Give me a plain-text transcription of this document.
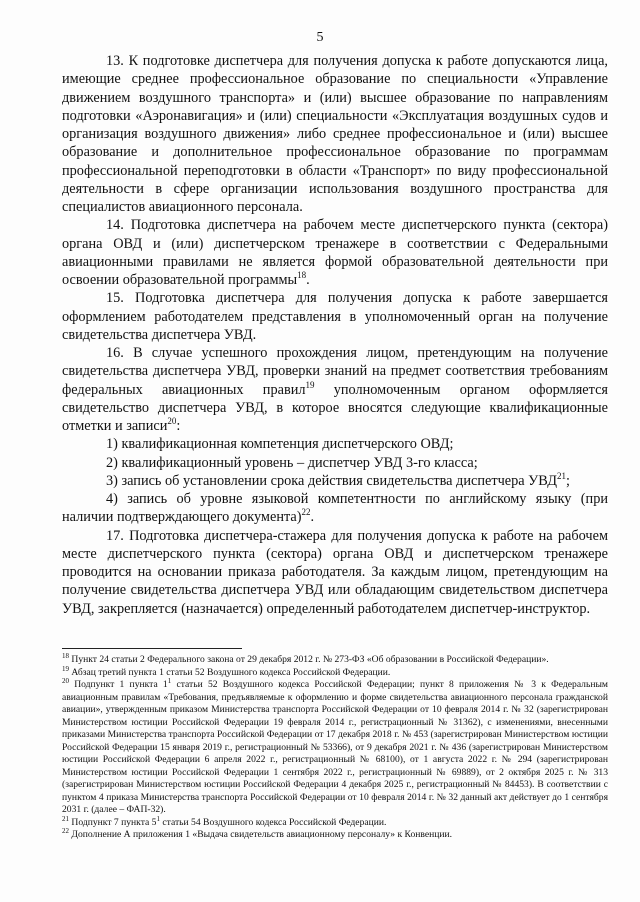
5

13. К подготовке диспетчера для получения допуска к работе допускаются лица, имеющие среднее профессиональное образование по специальности «Управление движением воздушного транспорта» и (или) высшее образование по направлениям подготовки «Аэронавигация» и (или) специальности «Эксплуатация воздушных судов и организация воздушного движения» либо среднее профессиональное и (или) высшее образование и дополнительное профессиональное образование по программам профессиональной переподготовки в области «Транспорт» по виду профессиональной деятельности в сфере организации использования воздушного пространства для специалистов авиационного персонала.

14. Подготовка диспетчера на рабочем месте диспетчерского пункта (сектора) органа ОВД и (или) диспетчерском тренажере в соответствии с Федеральными авиационными правилами не является формой образовательной деятельности при освоении образовательной программы$^{18}$.

15. Подготовка диспетчера для получения допуска к работе завершается оформлением работодателем представления в уполномоченный орган на получение свидетельства диспетчера УВД.

16. В случае успешного прохождения лицом, претендующим на получение свидетельства диспетчера УВД, проверки знаний на предмет соответствия требованиям федеральных авиационных правил$^{19}$ уполномоченным органом оформляется свидетельство диспетчера УВД, в которое вносятся следующие квалификационные отметки и записи$^{20}$:

1) квалификационная компетенция диспетчерского ОВД;

2) квалификационный уровень – диспетчер УВД 3-го класса;

3) запись об установлении срока действия свидетельства диспетчера УВД$^{21}$;

4) запись об уровне языковой компетентности по английскому языку (при наличии подтверждающего документа)$^{22}$.

17. Подготовка диспетчера-стажера для получения допуска к работе на рабочем месте диспетчерского пункта (сектора) органа ОВД и диспетчерском тренажере проводится на основании приказа работодателя. За каждым лицом, претендующим на получение свидетельства диспетчера УВД или обладающим свидетельством диспетчера УВД, закрепляется (назначается) определенный работодателем диспетчер-инструктор.

$^{18}$ Пункт 24 статьи 2 Федерального закона от 29 декабря 2012 г. № 273-ФЗ «Об образовании в Российской Федерации».

$^{19}$ Абзац третий пункта 1 статьи 52 Воздушного кодекса Российской Федерации.

$^{20}$ Подпункт 1 пункта $1^1$ статьи 52 Воздушного кодекса Российской Федерации; пункт 8 приложения № 3 к Федеральным авиационным правилам «Требования, предъявляемые к оформлению и форме свидетельства авиационного персонала гражданской авиации», утвержденным приказом Министерства транспорта Российской Федерации от 10 февраля 2014 г. № 32 (зарегистрирован Министерством юстиции Российской Федерации 19 февраля 2014 г., регистрационный № 31362), с изменениями, внесенными приказами Министерства транспорта Российской Федерации от 17 декабря 2018 г. № 453 (зарегистрирован Министерством юстиции Российской Федерации 15 января 2019 г., регистрационный № 53366), от 9 декабря 2021 г. № 436 (зарегистрирован Министерством юстиции Российской Федерации 6 апреля 2022 г., регистрационный № 68100), от 1 августа 2022 г. № 294 (зарегистрирован Министерством юстиции Российской Федерации 1 сентября 2022 г., регистрационный № 69889), от 2 октября 2025 г. № 313 (зарегистрирован Министерством юстиции Российской Федерации 4 декабря 2025 г., регистрационный № 84453). В соответствии с пунктом 4 приказа Министерства транспорта Российской Федерации от 10 февраля 2014 г. № 32 данный акт действует до 1 сентября 2031 г. (далее – ФАП-32).

$^{21}$ Подпункт 7 пункта $5^1$ статьи 54 Воздушного кодекса Российской Федерации.

$^{22}$ Дополнение А приложения 1 «Выдача свидетельств авиационному персоналу» к Конвенции.
